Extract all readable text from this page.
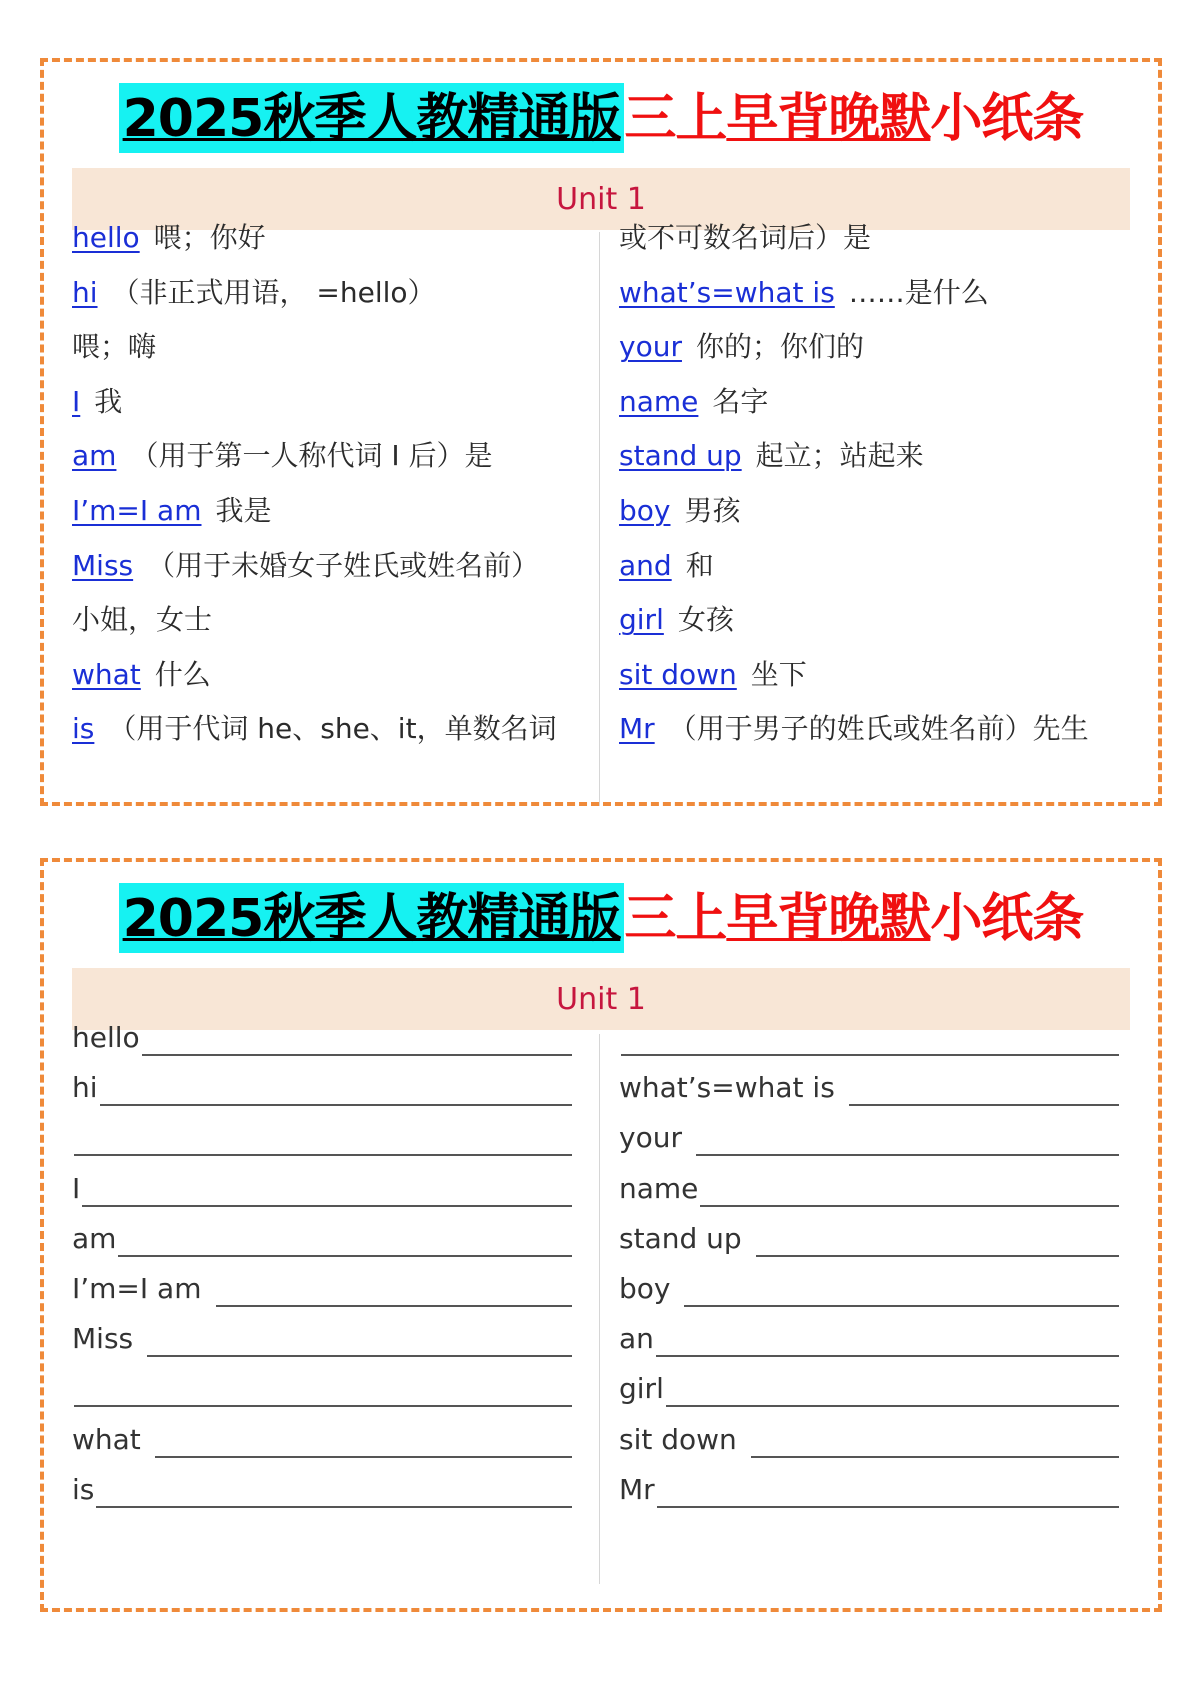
2025秋季人教精通版三上早背晚默小纸条
Unit 1
hello 喂；你好
hi （非正式用语， =hello）
喂；嗨
I 我
am （用于第一人称代词 I 后）是
I’m=I am 我是
Miss （用于未婚女子姓氏或姓名前）
小姐，女士
what 什么
is （用于代词 he、she、it，单数名词
或不可数名词后）是
what’s=what is ……是什么
your 你的；你们的
name 名字
stand up 起立；站起来
boy 男孩
and 和
girl 女孩
sit down 坐下
Mr （用于男子的姓氏或姓名前）先生
2025秋季人教精通版三上早背晚默小纸条
Unit 1
hello
hi
I
am
I’m=I am
Miss
what
is
what’s=what is
your
name
stand up
boy
an
girl
sit down
Mr
